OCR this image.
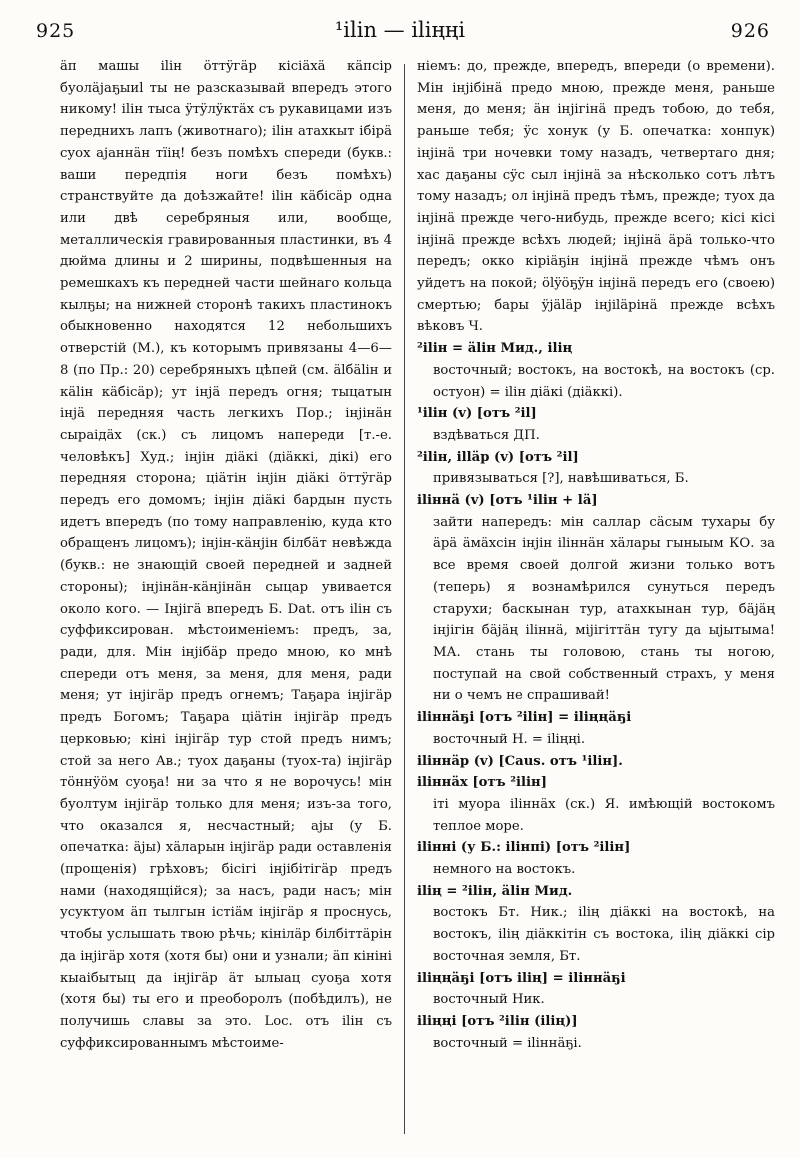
925	¹ilin — iliңңi	926

äп машы iliн öттÿгäр кiсiäxä кäпсiр буолäjаҕыиl ты не разсказывай впередъ этого никому! iliн тыса ÿтÿлÿктäx съ рукавицами изъ переднихъ лапъ (животнаго); iliн атахкыт iбiрä суох ajаннäн тïiң! безъ помѣхъ спереди (букв.: ваши передпiя ноги безъ помѣхъ) странствуйте да доѣзжайте! iliн кäбiсäр одна или двѣ серебряныя или, вообще, металлическiя гравированныя пластинки, въ 4 дюйма длины и 2 ширины, подвѣшенныя на ремешкахъ къ передней части шейнаго кольца кылҕы; на нижней сторонѣ такихъ пластинокъ обыкновенно находятся 12 небольшихъ отверстiй (M.), къ которымъ привязаны 4—6—8 (по Пр.: 20) серебряныхъ цѣпей (см. älбäliн и кäliн кäбiсäр); ут iнjä передъ огня; тыцатын iнjä передняя часть легкихъ Пор.; iнjiнäн сыраiдäх (ск.) съ лицомъ напереди [т.-е. человѣкъ] Худ.; iнjiн дiäкi (дiäккi, дiкi) его передняя сторона; цiäтiн iнjiн дiäкi öттÿгäр передъ его домомъ; iнjiн дiäкi бардын пусть идетъ впередъ (по тому направленiю, куда кто обращенъ лицомъ); iнjiн-кäнjiн бiлбäт невѣжда (букв.: не знающiй своей передней и задней стороны); iнjiнäн-кäнjiнäн сыцар увивается около кого. — Iнjiгä впередъ Б. Dat. отъ iliн съ суффиксирован. мѣстоименiемъ: предъ, за, ради, для. Мiн iнjiбäр предо мною, ко мнѣ спереди отъ меня, за меня, для меня, ради меня; ут iнjiгäр предъ огнемъ; Таҕара iнjiгäр предъ Богомъ; Таҕара цiäтiн iнjiгäр предъ церковью; кiнi iнjiгäр тур стой предъ нимъ; стой за него Ав.; туох даҕаны (туох-та) iнjiгäр тöннÿöм суоҕа! ни за что я не ворочусь! мiн буолтум iнjiгäр только для меня; изъ-за того, что оказался я, несчастный; аjы (у Б. опечатка: äjы) хäларын iнjiгäр ради оставленiя (прощенiя) грѣховъ; бiсiгi iнjiбiтiгäр предъ нами (находящiйся); за насъ, ради насъ; мiн усуктуом äп тылгын iстiäм iнjiгäр я проснусь, чтобы услышать твою рѣчь; кiнiлäр бiлбiттäрiн да iнjiгäр хотя (хотя бы) они и узнали; äп кiнiнi кыаiбытыц да iнjiгäр äт ылыац суоҕа хотя (хотя бы) ты его и преоборолъ (побѣдилъ), не получишь славы за это. Loc. отъ iliн съ суффиксированнымъ мѣстоиме-

нiемъ: до, прежде, впередъ, впереди (о времени). Мiн iнjiбiнä предо мною, прежде меня, раньше меня, до меня; äн iнjiгiнä предъ тобою, до тебя, раньше тебя; ÿс хонук (у Б. опечатка: хонпук) iнjiнä три ночевки тому назадъ, четвертаго дня; хас даҕаны сÿс сыл iнjiнä за нѣсколько сотъ лѣтъ тому назадъ; ол iнjiнä предъ тѣмъ, прежде; туох да iнjiнä прежде чего-нибудь, прежде всего; кiсi кiсi iнjiнä прежде всѣхъ людей; iнjiнä äрä только-что передъ; окко кiрiäҕiн iнjiнä прежде чѣмъ онъ уйдетъ на покой; ölÿöҕÿн iнjiнä передъ его (своею) смертью; бары ÿjäläр iнjiläрiнä прежде всѣхъ вѣковъ Ч.

²iliн = äliн Мид., iliң
восточный; востокъ, на востокѣ, на востокъ (ср. остуон) = iliн дiäкi (дiäккi).
¹iliн (v) [отъ ²il]
вздѣваться ДП.
²iliн, illäр (v) [отъ ²il]
привязываться [?], навѣшиваться, Б.
iliннä (v) [отъ ¹iliн + lä]
зайти напередъ: мiн саллар сäсым тухары бу äрä äмäхсiн iнjiн iliннäн хäлары гыныым КО. за все время своей долгой жизни только вотъ (теперь) я вознамѣрился сунуться передъ старухи; баскынан тур, атахкынан тур, бäjäң iнjiгiн бäjäң iliннä, мijiгiттäн тугу да ыjытыма! МА. стань ты головою, стань ты ногою, поступай на свой собственный страхъ, у меня ни о чемъ не спрашивай!
iliннäҕi [отъ ²iliн] = iliңңäҕi
восточный Н. = iliңңi.
iliннäр (v) [Caus. отъ ¹iliн].
iliннäx [отъ ²iliн]
iтi муора iliннäx (ск.) Я. имѣющiй востокомъ теплое море.
iliннi (у Б.: iliнпi) [отъ ²iliн]
немного на востокъ.
iliң = ²iliн, äliн Мид.
востокъ Бт. Ник.; iliң дiäккi на востокѣ, на востокъ, iliң дiäккiтiн съ востока, iliң дiäккi сiр восточная земля, Бт.
iliңңäҕi [отъ iliң] = iliннäҕi
восточный Ник.
iliңңi [отъ ²iliн (iliң)]
восточный = iliннäҕi.
